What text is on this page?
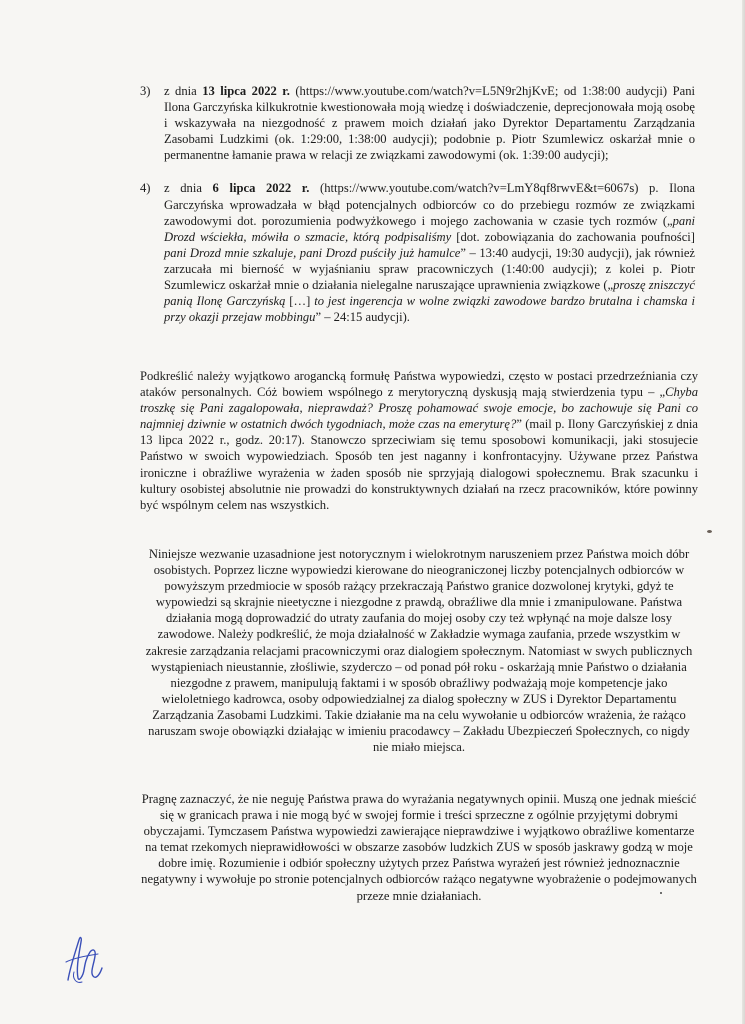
3) z dnia 13 lipca 2022 r. (https://www.youtube.com/watch?v=L5N9r2hjKvE; od 1:38:00 audycji) Pani Ilona Garczyńska kilkukrotnie kwestionowała moją wiedzę i doświadczenie, deprecjonowała moją osobę i wskazywała na niezgodność z prawem moich działań jako Dyrektor Departamentu Zarządzania Zasobami Ludzkimi (ok. 1:29:00, 1:38:00 audycji); podobnie p. Piotr Szumlewicz oskarżał mnie o permanentne łamanie prawa w relacji ze związkami zawodowymi (ok. 1:39:00 audycji);
4) z dnia 6 lipca 2022 r. (https://www.youtube.com/watch?v=LmY8qf8rwvE&t=6067s) p. Ilona Garczyńska wprowadzała w błąd potencjalnych odbiorców co do przebiegu rozmów ze związkami zawodowymi dot. porozumienia podwyżkowego i mojego zachowania w czasie tych rozmów („pani Drozd wściekła, mówiła o szmacie, którą podpisaliśmy [dot. zobowiązania do zachowania poufności] pani Drozd mnie szkaluje, pani Drozd puściły już hamulce” – 13:40 audycji, 19:30 audycji), jak również zarzucała mi bierność w wyjaśnianiu spraw pracowniczych (1:40:00 audycji); z kolei p. Piotr Szumlewicz oskarżał mnie o działania nielegalne naruszające uprawnienia związkowe („proszę zniszczyć panią Ilonę Garczyńską […] to jest ingerencja w wolne związki zawodowe bardzo brutalna i chamska i przy okazji przejaw mobbingu” – 24:15 audycji).

Podkreślić należy wyjątkowo arogancką formułę Państwa wypowiedzi, często w postaci przedrzeźniania czy ataków personalnych. Cóż bowiem wspólnego z merytoryczną dyskusją mają stwierdzenia typu – „Chyba troszkę się Pani zagalopowała, nieprawdaż? Proszę pohamować swoje emocje, bo zachowuje się Pani co najmniej dziwnie w ostatnich dwóch tygodniach, może czas na emeryturę?” (mail p. Ilony Garczyńskiej z dnia 13 lipca 2022 r., godz. 20:17). Stanowczo sprzeciwiam się temu sposobowi komunikacji, jaki stosujecie Państwo w swoich wypowiedziach. Sposób ten jest naganny i konfrontacyjny. Używane przez Państwa ironiczne i obraźliwe wyrażenia w żaden sposób nie sprzyjają dialogowi społecznemu. Brak szacunku i kultury osobistej absolutnie nie prowadzi do konstruktywnych działań na rzecz pracowników, które powinny być wspólnym celem nas wszystkich.

Niniejsze wezwanie uzasadnione jest notorycznym i wielokrotnym naruszeniem przez Państwa moich dóbr osobistych. Poprzez liczne wypowiedzi kierowane do nieograniczonej liczby potencjalnych odbiorców w powyższym przedmiocie w sposób rażący przekraczają Państwo granice dozwolonej krytyki, gdyż te wypowiedzi są skrajnie nieetyczne i niezgodne z prawdą, obraźliwe dla mnie i zmanipulowane. Państwa działania mogą doprowadzić do utraty zaufania do mojej osoby czy też wpłynąć na moje dalsze losy zawodowe. Należy podkreślić, że moja działalność w Zakładzie wymaga zaufania, przede wszystkim w zakresie zarządzania relacjami pracowniczymi oraz dialogiem społecznym. Natomiast w swych publicznych wystąpieniach nieustannie, złośliwie, szyderczo – od ponad pół roku - oskarżają mnie Państwo o działania niezgodne z prawem, manipulują faktami i w sposób obraźliwy podważają moje kompetencje jako wieloletniego kadrowca, osoby odpowiedzialnej za dialog społeczny w ZUS i Dyrektor Departamentu Zarządzania Zasobami Ludzkimi. Takie działanie ma na celu wywołanie u odbiorców wrażenia, że rażąco naruszam swoje obowiązki działając w imieniu pracodawcy – Zakładu Ubezpieczeń Społecznych, co nigdy nie miało miejsca.

Pragnę zaznaczyć, że nie neguję Państwa prawa do wyrażania negatywnych opinii. Muszą one jednak mieścić się w granicach prawa i nie mogą być w swojej formie i treści sprzeczne z ogólnie przyjętymi dobrymi obyczajami. Tymczasem Państwa wypowiedzi zawierające nieprawdziwe i wyjątkowo obraźliwe komentarze na temat rzekomych nieprawidłowości w obszarze zasobów ludzkich ZUS w sposób jaskrawy godzą w moje dobre imię. Rozumienie i odbiór społeczny użytych przez Państwa wyrażeń jest również jednoznacznie negatywny i wywołuje po stronie potencjalnych odbiorców rażąco negatywne wyobrażenie o podejmowanych przeze mnie działaniach.
